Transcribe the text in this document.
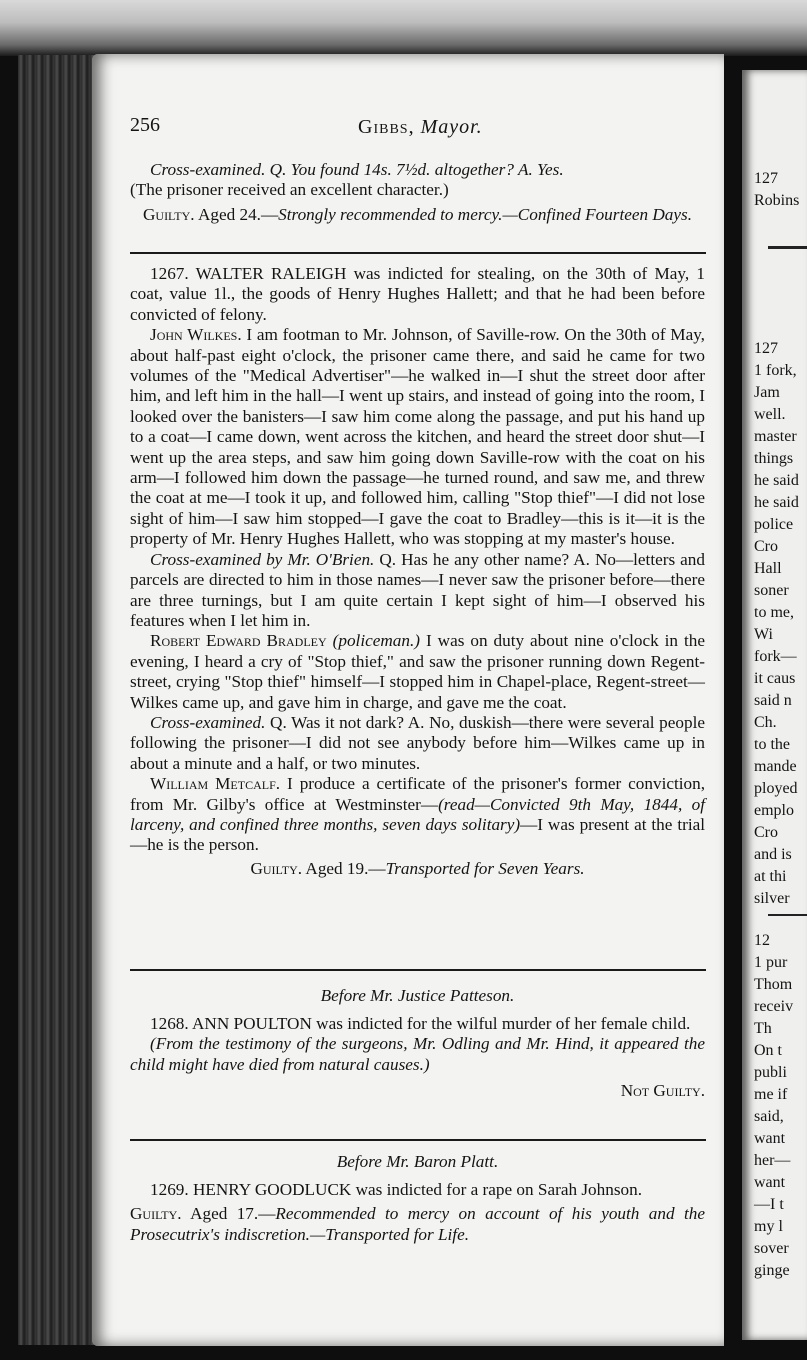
127
Robins
127
1 fork,
Jam
well.
master
things
he said
he said
police
Cro
Hall
soner
to me,
Wi
fork—
it caus
said n
Ch.
to the
mande
ployed
emplo
Cro
and is
at thi
silver
12
1 pur
Thom
receiv
Th
On t
publi
me if
said,
want
her—
want
—I t
my l
sover
ginge
256	Gibbs, Mayor.

Cross-examined. Q. You found 14s. 7½d. altogether? A. Yes.

(The prisoner received an excellent character.)

Guilty. Aged 24.—Strongly recommended to mercy.—Confined Fourteen Days.

1267. WALTER RALEIGH was indicted for stealing, on the 30th of May, 1 coat, value 1l., the goods of Henry Hughes Hallett; and that he had been before convicted of felony.

John Wilkes. I am footman to Mr. Johnson, of Saville-row. On the 30th of May, about half-past eight o'clock, the prisoner came there, and said he came for two volumes of the "Medical Advertiser"—he walked in—I shut the street door after him, and left him in the hall—I went up stairs, and instead of going into the room, I looked over the banisters—I saw him come along the passage, and put his hand up to a coat—I came down, went across the kitchen, and heard the street door shut—I went up the area steps, and saw him going down Saville-row with the coat on his arm—I followed him down the passage—he turned round, and saw me, and threw the coat at me—I took it up, and followed him, calling "Stop thief"—I did not lose sight of him—I saw him stopped—I gave the coat to Bradley—this is it—it is the property of Mr. Henry Hughes Hallett, who was stopping at my master's house.

Cross-examined by Mr. O'Brien. Q. Has he any other name? A. No—letters and parcels are directed to him in those names—I never saw the prisoner before—there are three turnings, but I am quite certain I kept sight of him—I observed his features when I let him in.

Robert Edward Bradley (policeman.) I was on duty about nine o'clock in the evening, I heard a cry of "Stop thief," and saw the prisoner running down Regent-street, crying "Stop thief" himself—I stopped him in Chapel-place, Regent-street—Wilkes came up, and gave him in charge, and gave me the coat.

Cross-examined. Q. Was it not dark? A. No, duskish—there were several people following the prisoner—I did not see anybody before him—Wilkes came up in about a minute and a half, or two minutes.

William Metcalf. I produce a certificate of the prisoner's former conviction, from Mr. Gilby's office at Westminster—(read—Convicted 9th May, 1844, of larceny, and confined three months, seven days solitary)—I was present at the trial—he is the person.

Guilty. Aged 19.—Transported for Seven Years.

Before Mr. Justice Patteson.

1268. ANN POULTON was indicted for the wilful murder of her female child.

(From the testimony of the surgeons, Mr. Odling and Mr. Hind, it appeared the child might have died from natural causes.)

Not Guilty.

Before Mr. Baron Platt.

1269. HENRY GOODLUCK was indicted for a rape on Sarah Johnson.

Guilty. Aged 17.—Recommended to mercy on account of his youth and the Prosecutrix's indiscretion.—Transported for Life.
